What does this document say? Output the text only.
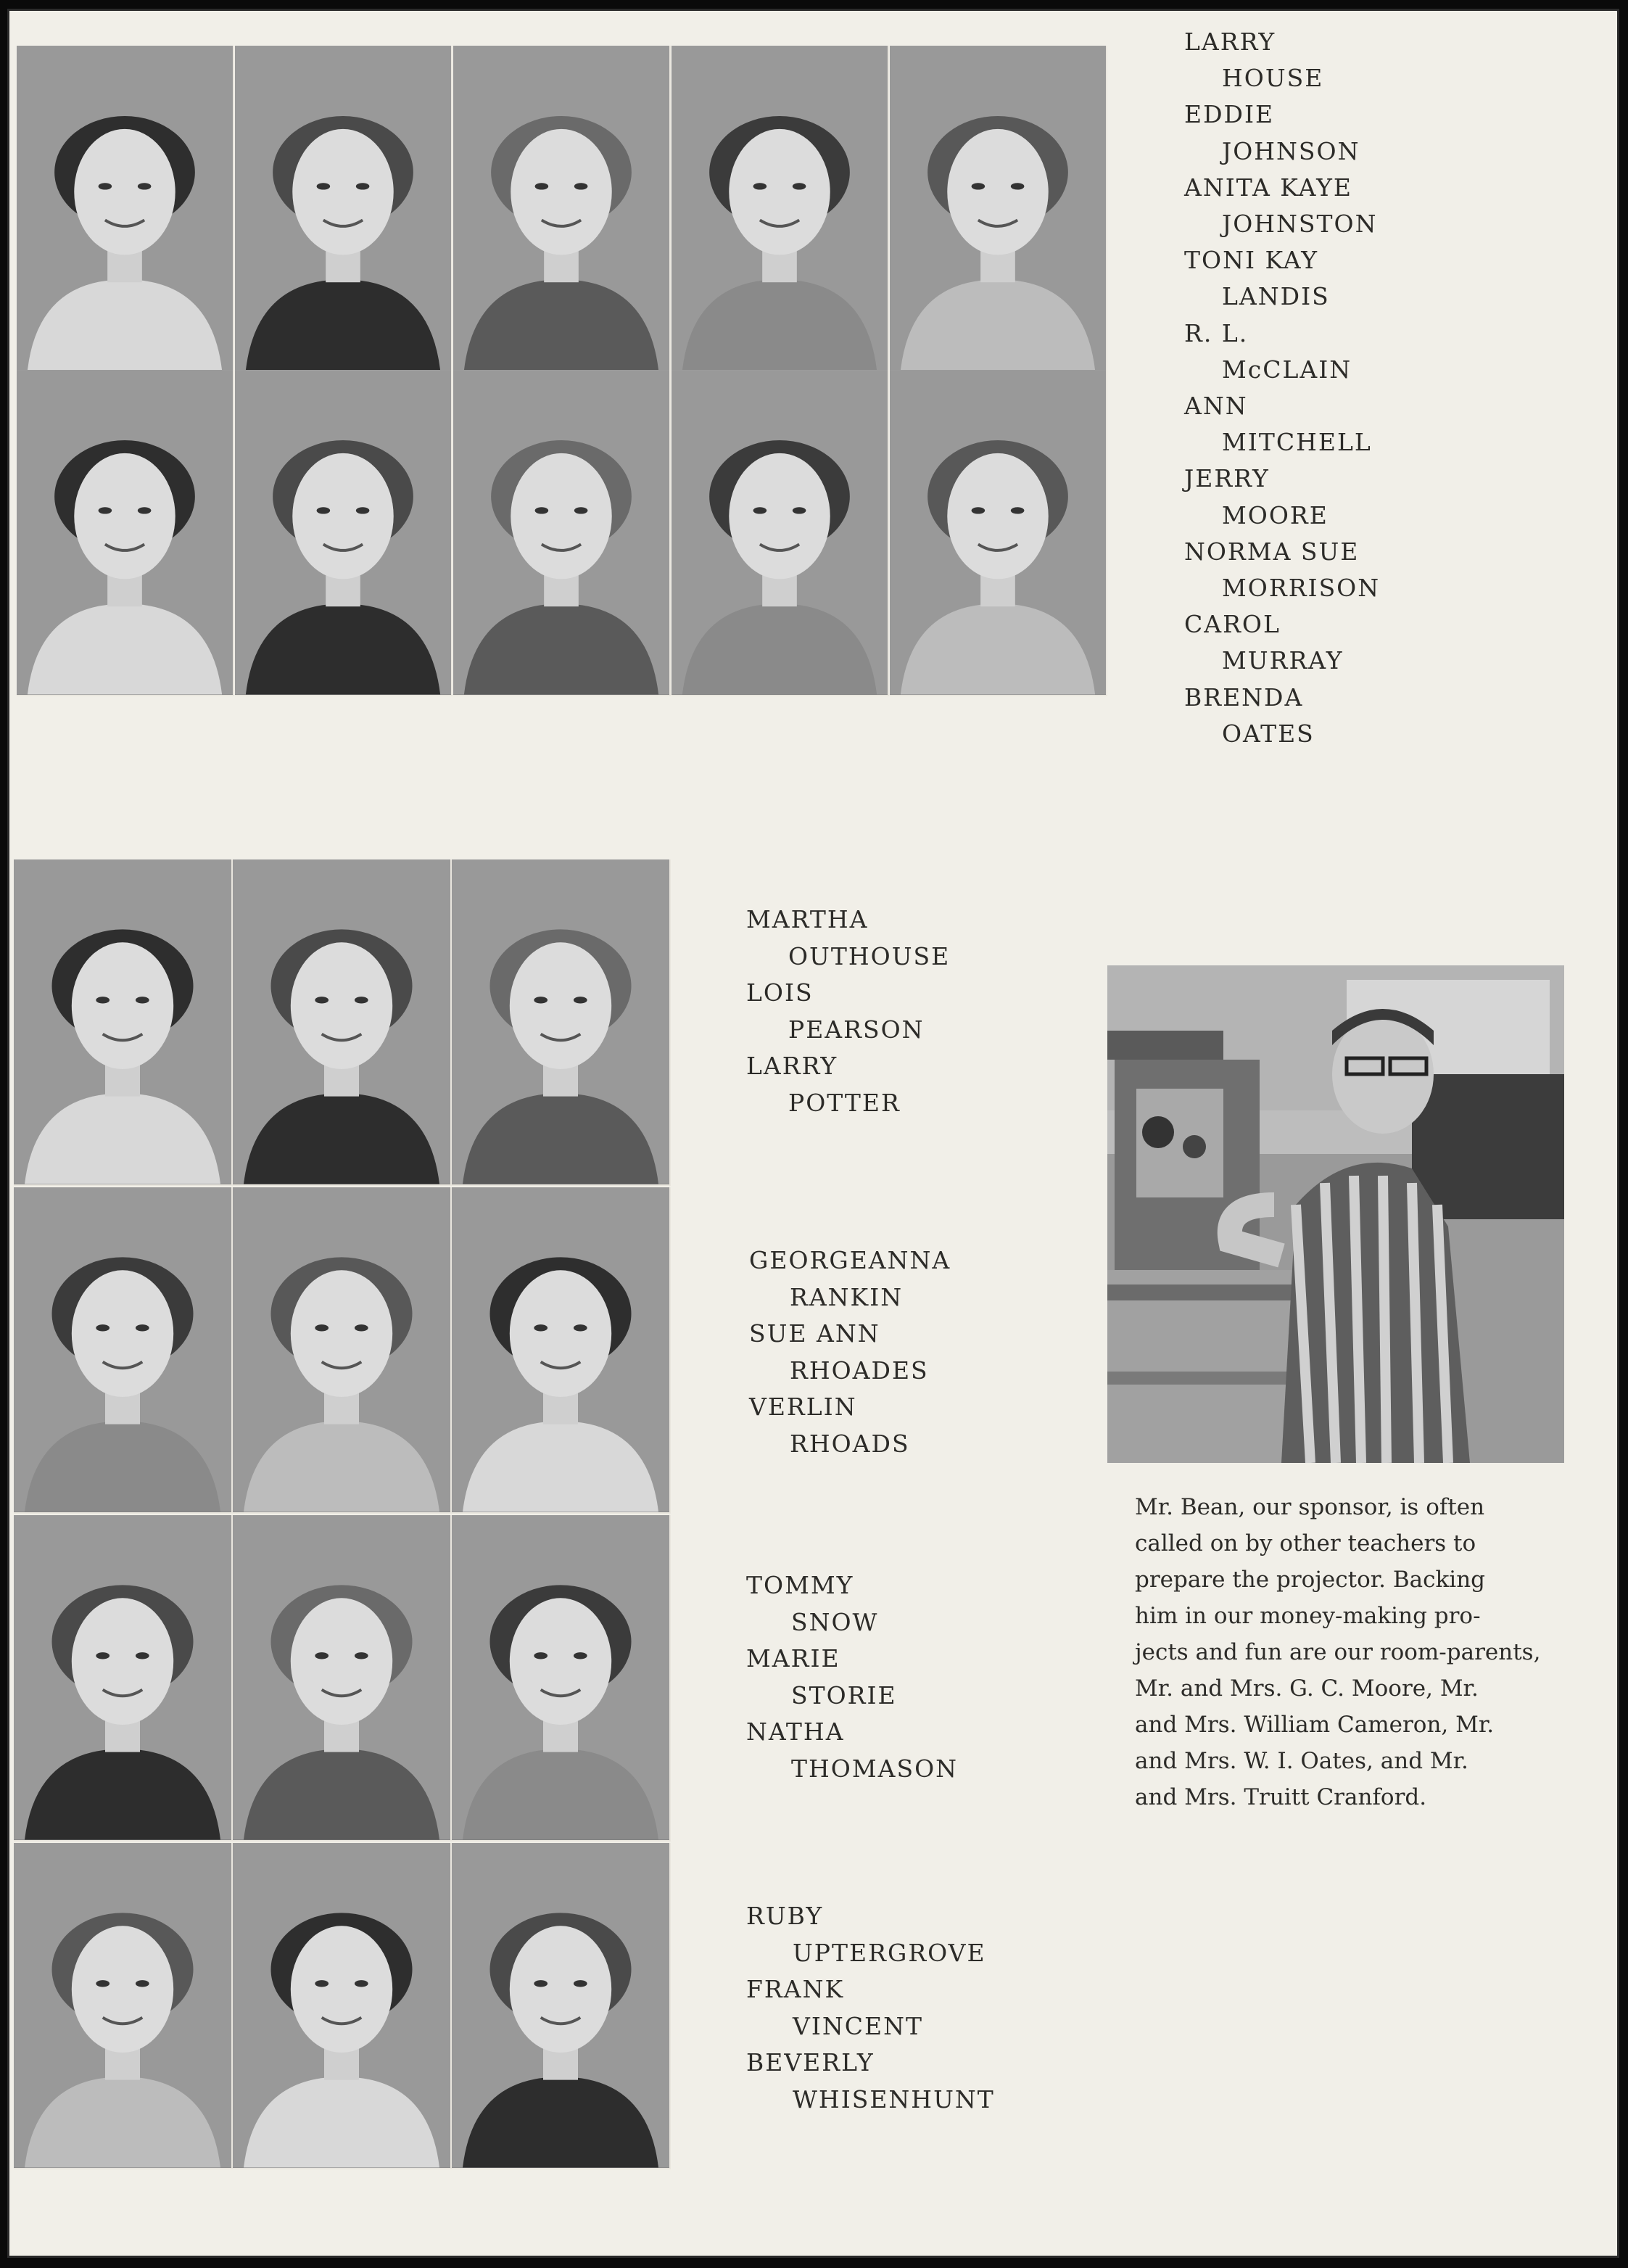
Mr. Bean, our sponsor, is often
called on by other teachers to
prepare the projector. Backing
him in our money-making pro-
jects and fun are our room-parents,
Mr. and Mrs. G. C. Moore, Mr.
and Mrs. William Cameron, Mr.
and Mrs. W. I. Oates, and Mr.
and Mrs. Truitt Cranford.
LARRY
HOUSE
EDDIE
JOHNSON
ANITA KAYE
JOHNSTON
TONI KAY
LANDIS
R. L.
McCLAIN
ANN
MITCHELL
JERRY
MOORE
NORMA SUE
MORRISON
CAROL
MURRAY
BRENDA
OATES
MARTHA
OUTHOUSE
LOIS
PEARSON
LARRY
POTTER
GEORGEANNA
RANKIN
SUE ANN
RHOADES
VERLIN
RHOADS
TOMMY
SNOW
MARIE
STORIE
NATHA
THOMASON
RUBY
UPTERGROVE
FRANK
VINCENT
BEVERLY
WHISENHUNT
